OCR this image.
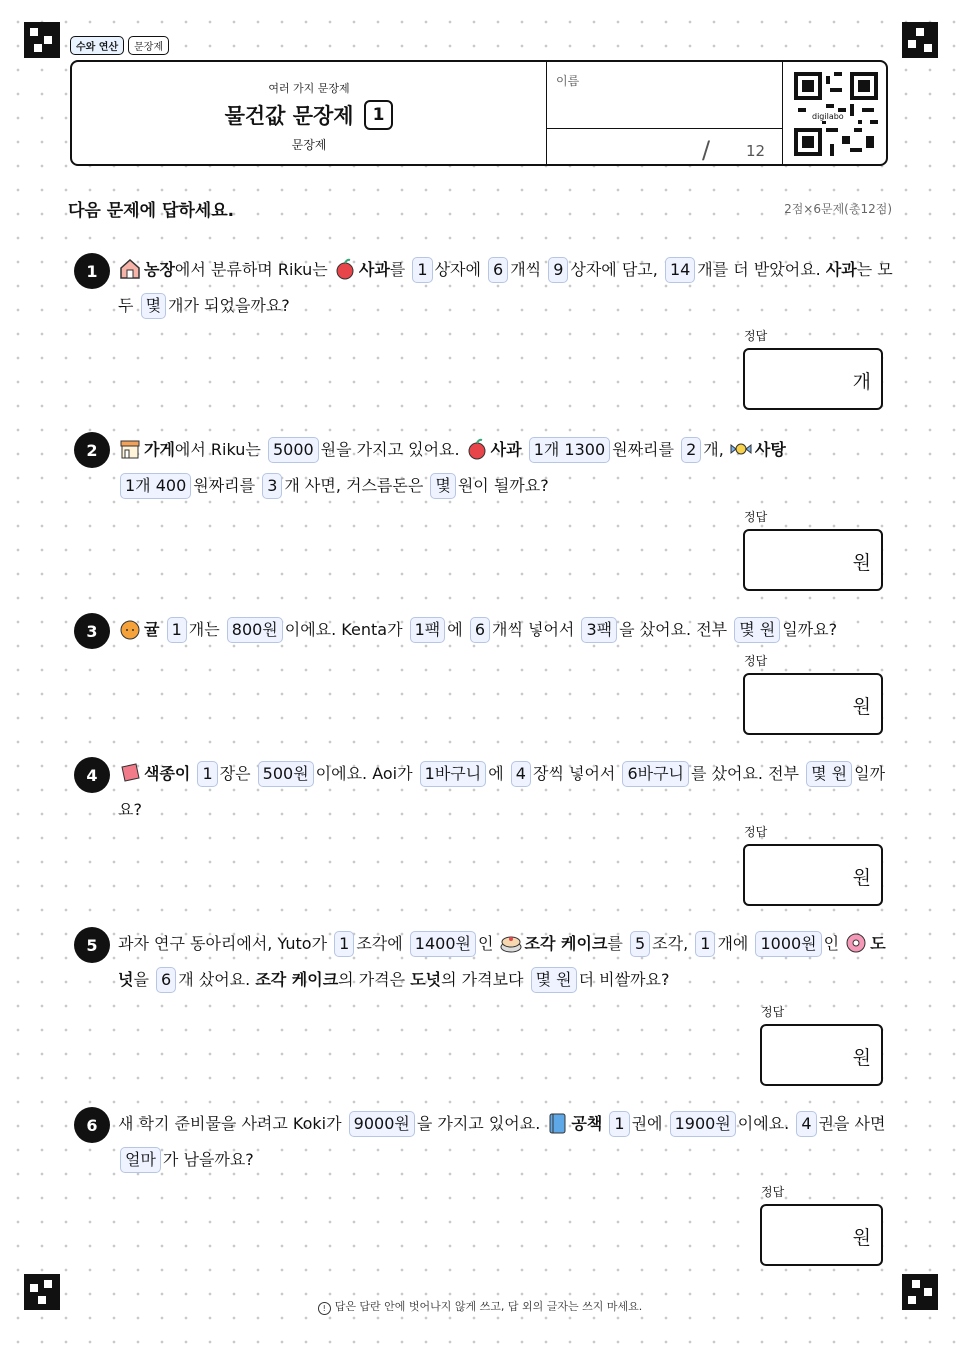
수와 연산	문장제
여러 가지 문장제
물건값 문장제	1
문장제
이름
/ 12
digilabo
다음 문제에 답하세요.	2점×6문제(총12점)
1	농장에서 분류하며 Riku는 사과를 1 상자에 6 개씩 9 상자에 담고, 14 개를 더 받았어요. 사과는 모두 몇 개가 되었을까요?
정답
개
2	가게에서 Riku는 5000 원을 가지고 있어요. 사과 1개 1300 원짜리를 2 개, 사탕
1개 400 원짜리를 3 개 사면, 거스름돈은 몇 원이 될까요?
정답
원
3	귤 1 개는 800원 이에요. Kenta가 1팩 에 6 개씩 넣어서 3팩 을 샀어요. 전부 몇 원 일까요?
정답
원
4	색종이 1 장은 500원 이에요. Aoi가 1바구니 에 4 장씩 넣어서 6바구니 를 샀어요. 전부 몇 원 일까요?
정답
원
5	과자 연구 동아리에서, Yuto가 1 조각에 1400원 인 조각 케이크를 5 조각, 1 개에 1000원 인 도넛을 6 개 샀어요. 조각 케이크의 가격은 도넛의 가격보다 몇 원 더 비쌀까요?
정답
원
6	새 학기 준비물을 사려고 Koki가 9000원 을 가지고 있어요. 공책 1 권에 1900원 이에요. 4 권을 사면
얼마 가 남을까요?
정답
원
! 답은 답란 안에 벗어나지 않게 쓰고, 답 외의 글자는 쓰지 마세요.
